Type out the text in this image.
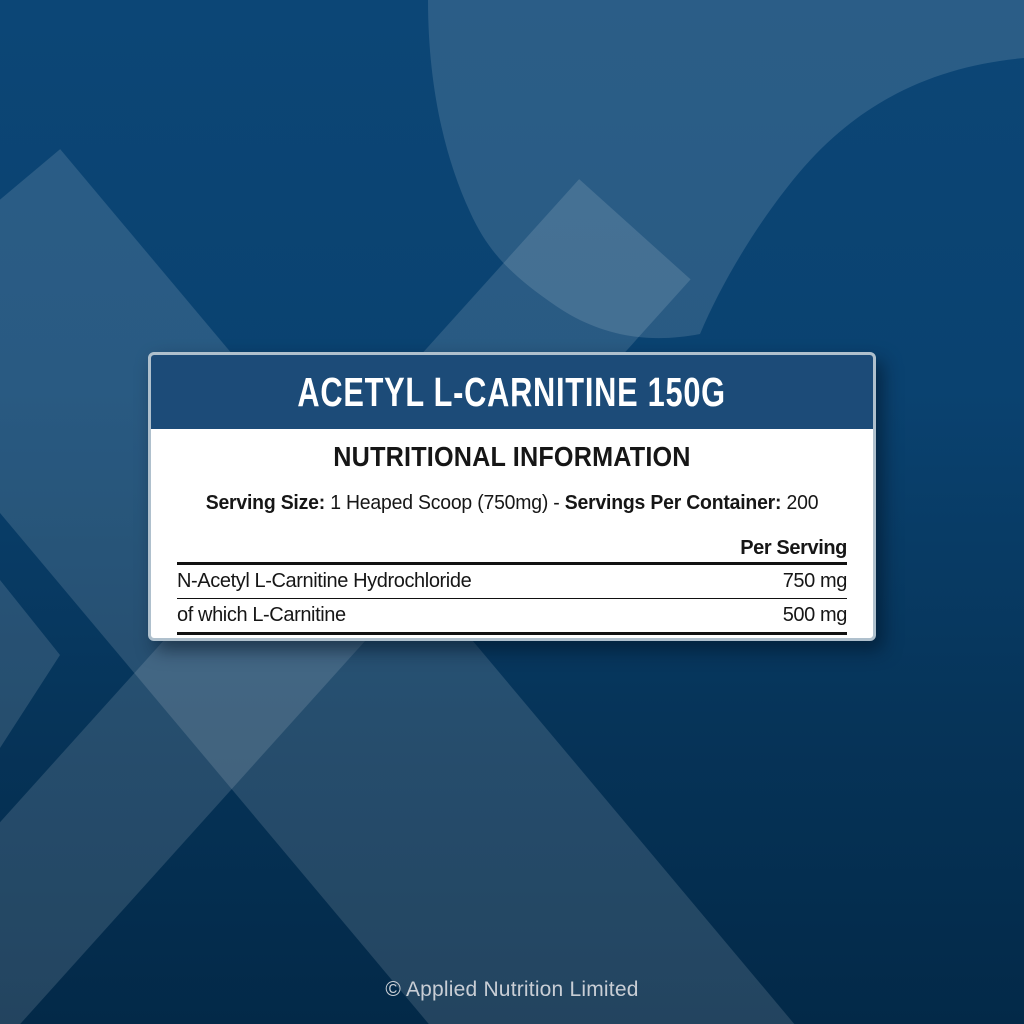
ACETYL L-CARNITINE 150G
NUTRITIONAL INFORMATION
Serving Size: 1 Heaped Scoop (750mg) - Servings Per Container: 200
Per Serving
N-Acetyl L-Carnitine Hydrochloride	750 mg
of which L-Carnitine	500 mg
© Applied Nutrition Limited
